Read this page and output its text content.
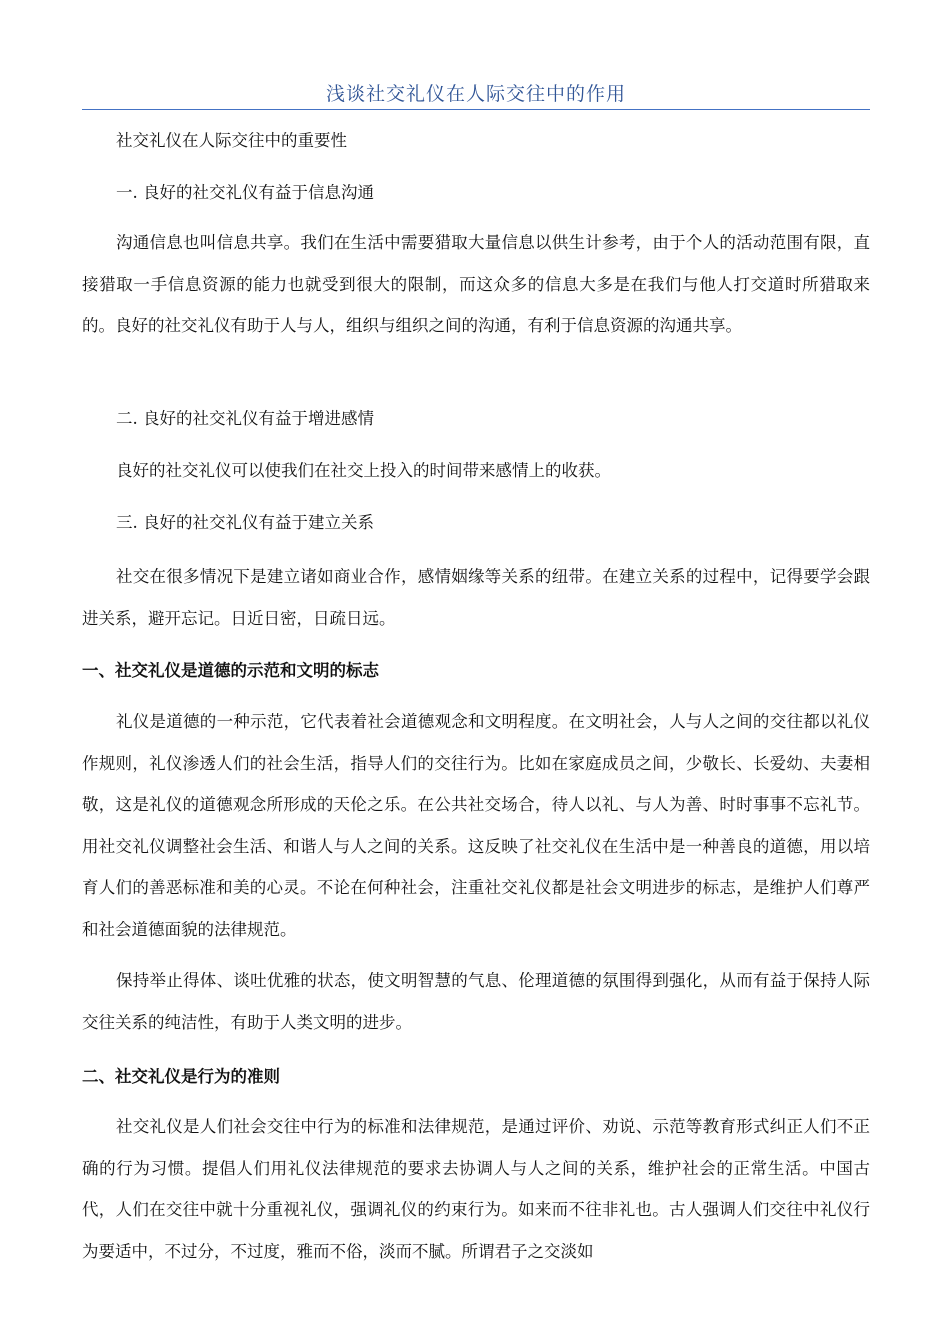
浅谈社交礼仪在人际交往中的作用

社交礼仪在人际交往中的重要性

一. 良好的社交礼仪有益于信息沟通

沟通信息也叫信息共享。我们在生活中需要猎取大量信息以供生计参考，由于个人的活动范围有限，直接猎取一手信息资源的能力也就受到很大的限制，而这众多的信息大多是在我们与他人打交道时所猎取来的。良好的社交礼仪有助于人与人，组织与组织之间的沟通，有利于信息资源的沟通共享。

二. 良好的社交礼仪有益于增进感情

良好的社交礼仪可以使我们在社交上投入的时间带来感情上的收获。

三. 良好的社交礼仪有益于建立关系

社交在很多情况下是建立诸如商业合作，感情姻缘等关系的纽带。在建立关系的过程中，记得要学会跟进关系，避开忘记。日近日密，日疏日远。

一、社交礼仪是道德的示范和文明的标志

礼仪是道德的一种示范，它代表着社会道德观念和文明程度。在文明社会，人与人之间的交往都以礼仪作规则，礼仪渗透人们的社会生活，指导人们的交往行为。比如在家庭成员之间，少敬长、长爱幼、夫妻相敬，这是礼仪的道德观念所形成的天伦之乐。在公共社交场合，待人以礼、与人为善、时时事事不忘礼节。用社交礼仪调整社会生活、和谐人与人之间的关系。这反映了社交礼仪在生活中是一种善良的道德，用以培育人们的善恶标准和美的心灵。不论在何种社会，注重社交礼仪都是社会文明进步的标志，是维护人们尊严和社会道德面貌的法律规范。

保持举止得体、谈吐优雅的状态，使文明智慧的气息、伦理道德的氛围得到强化，从而有益于保持人际交往关系的纯洁性，有助于人类文明的进步。

二、社交礼仪是行为的准则

社交礼仪是人们社会交往中行为的标准和法律规范，是通过评价、劝说、示范等教育形式纠正人们不正确的行为习惯。提倡人们用礼仪法律规范的要求去协调人与人之间的关系，维护社会的正常生活。中国古代，人们在交往中就十分重视礼仪，强调礼仪的约束行为。如来而不往非礼也。古人强调人们交往中礼仪行为要适中，不过分，不过度，雅而不俗，淡而不腻。所谓君子之交淡如
